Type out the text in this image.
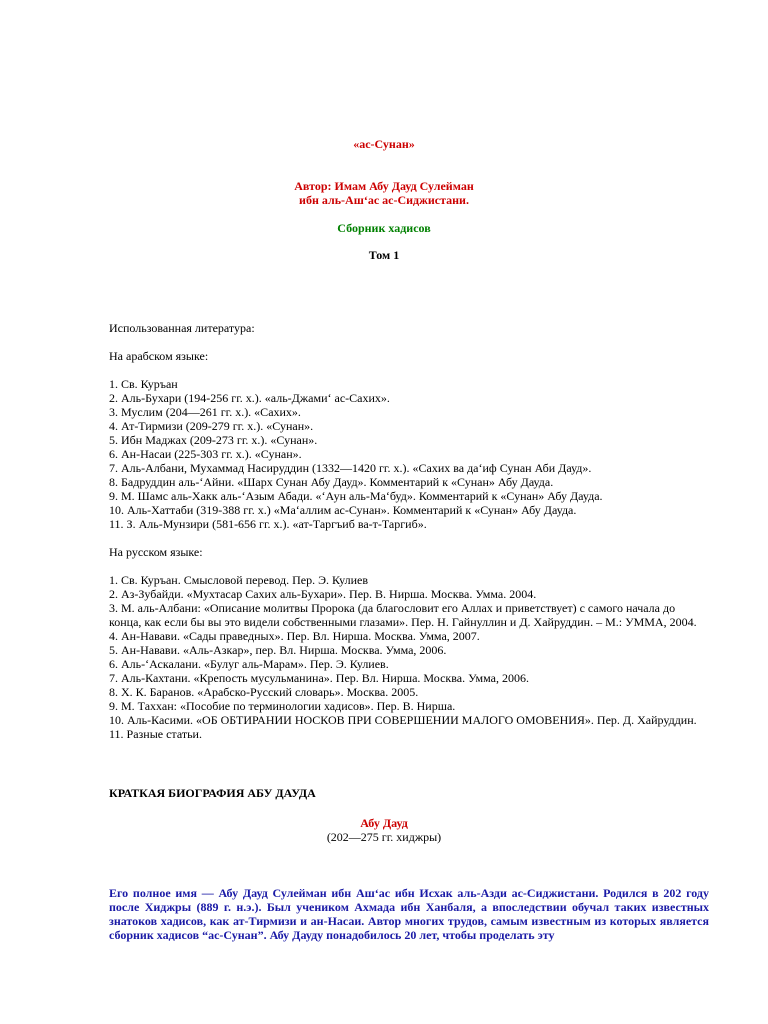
«ас-Сунан»
Автор: Имам Абу Дауд Сулейман
ибн аль-Аш‘ас ас-Сиджистани.
Сборник хадисов
Том 1
Использованная литература:
На арабском языке:
1. Св. Куръан
2. Аль-Бухари (194-256 гг. х.). «аль-Джами‘ ас-Сахих».
3. Муслим (204—261 гг. х.). «Сахих».
4. Ат-Тирмизи (209-279 гг. х.). «Сунан».
5. Ибн Маджах (209-273 гг. х.). «Сунан».
6. Ан-Насаи (225-303 гг. х.). «Сунан».
7. Аль-Албани, Мухаммад Насируддин (1332—1420 гг. х.). «Сахих ва да‘иф Сунан Аби Дауд».
8. Бадруддин аль-‘Айни. «Шарх Сунан Абу Дауд». Комментарий к «Сунан» Абу Дауда.
9. М. Шамс аль-Хакк аль-‘Азым Абади. «‘Аун аль-Ма‘буд». Комментарий к «Сунан» Абу Дауда.
10. Аль-Хаттаби (319-388 гг. х.) «Ма‘аллим ас-Сунан». Комментарий к «Сунан» Абу Дауда.
11. З. Аль-Мунзири (581-656 гг. х.). «ат-Таргъиб ва-т-Таргиб».
На русском языке:
1. Св. Куръан. Смысловой перевод. Пер. Э. Кулиев
2. Аз-Зубайди. «Мухтасар Сахих аль-Бухари». Пер. В. Нирша. Москва. Умма. 2004.
3. М. аль-Албани: «Описание молитвы Пророка (да благословит его Аллах и приветствует) с самого начала до конца, как если бы вы это видели собственными глазами». Пер. Н. Гайнуллин и Д. Хайруддин. – М.: УММА, 2004.
4. Ан-Навави. «Сады праведных». Пер. Вл. Нирша. Москва. Умма, 2007.
5. Ан-Навави. «Аль-Азкар», пер. Вл. Нирша. Москва. Умма, 2006.
6. Аль-‘Аскалани. «Булуг аль-Марам». Пер. Э. Кулиев.
7. Аль-Кахтани. «Крепость мусульманина». Пер. Вл. Нирша. Москва. Умма, 2006.
8. Х. К. Баранов. «Арабско-Русский словарь». Москва. 2005.
9. М. Таххан: «Пособие по терминологии хадисов». Пер. В. Нирша.
10. Аль-Касими. «ОБ ОБТИРАНИИ НОСКОВ ПРИ СОВЕРШЕНИИ МАЛОГО ОМОВЕНИЯ». Пер. Д. Хайруддин.
11. Разные статьи.
КРАТКАЯ БИОГРАФИЯ АБУ ДАУДА
Абу Дауд
(202—275 гг. хиджры)
Его полное имя — Абу Дауд Сулейман ибн Аш‘ас ибн Исхак аль-Азди ас-Сиджистани. Родился в 202 году после Хиджры (889 г. н.э.). Был учеником Ахмада ибн Ханбаля, а впоследствии обучал таких известных знатоков хадисов, как ат-Тирмизи и ан-Насаи. Автор многих трудов, самым известным из которых является сборник хадисов “ас-Сунан”. Абу Дауду понадобилось 20 лет, чтобы проделать эту
